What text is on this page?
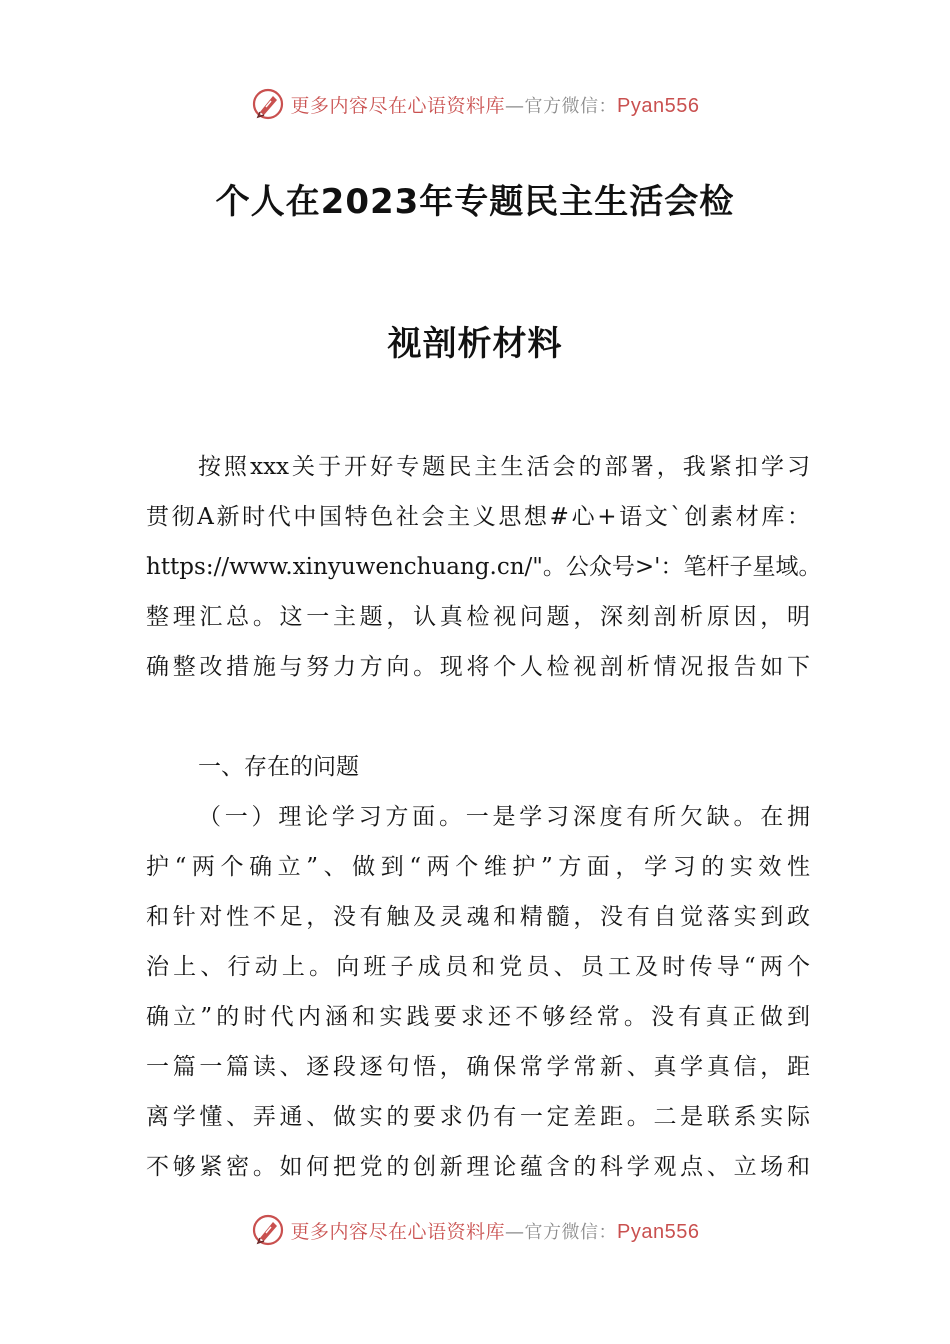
更多内容尽在心语资料库—官方微信：Pyan556
个人在2023年专题民主生活会检
视剖析材料
按照xxx关于开好专题民主生活会的部署，我紧扣学习
贯彻A新时代中国特色社会主义思想#心+语文`创素材库：
https://www.xinyuwenchuang.cn/"。公众号>'：笔杆子星域。
整理汇总。这一主题，认真检视问题，深刻剖析原因，明
确整改措施与努力方向。现将个人检视剖析情况报告如下
一、存在的问题
（一）理论学习方面。一是学习深度有所欠缺。在拥
护“两个确立”、做到“两个维护”方面，学习的实效性
和针对性不足，没有触及灵魂和精髓，没有自觉落实到政
治上、行动上。向班子成员和党员、员工及时传导“两个
确立”的时代内涵和实践要求还不够经常。没有真正做到
一篇一篇读、逐段逐句悟，确保常学常新、真学真信，距
离学懂、弄通、做实的要求仍有一定差距。二是联系实际
不够紧密。如何把党的创新理论蕴含的科学观点、立场和
更多内容尽在心语资料库—官方微信：Pyan556
